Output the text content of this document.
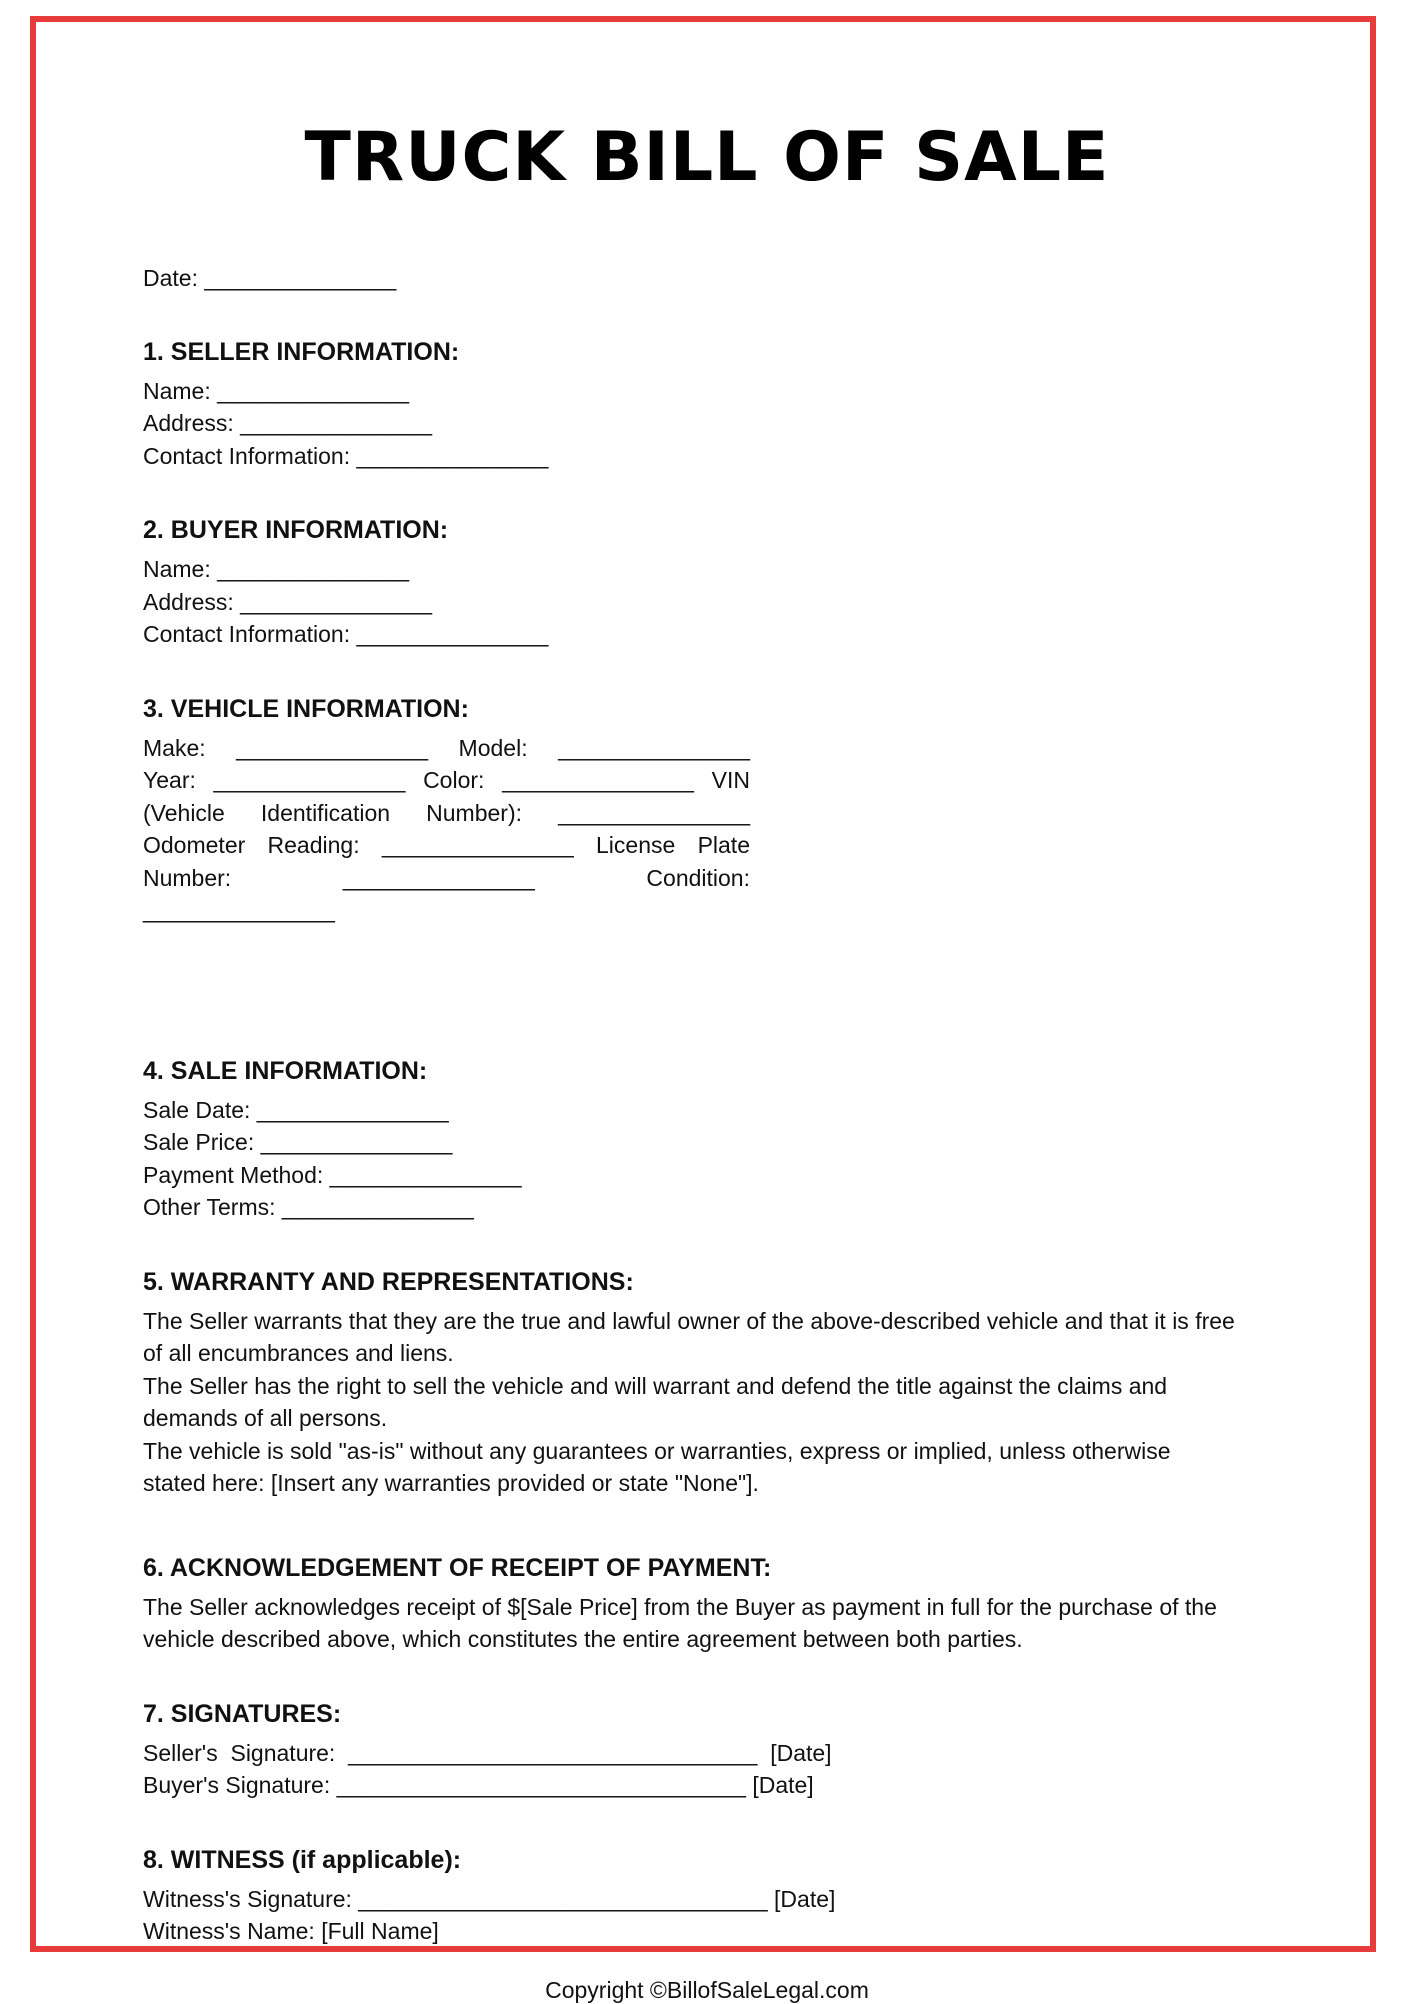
TRUCK BILL OF SALE
Date: _______________
1. SELLER INFORMATION:
Name: _______________
Address: _______________
Contact Information: _______________
2. BUYER INFORMATION:
Name: _______________
Address: _______________
Contact Information: _______________
3. VEHICLE INFORMATION:
Make: _______________ Model: _______________
Year: _______________ Color: _______________ VIN
(Vehicle Identification Number): _______________
Odometer Reading: _______________ License Plate
Number:	_______________	Condition:
_______________
4. SALE INFORMATION:
Sale Date: _______________
Sale Price: _______________
Payment Method: _______________
Other Terms: _______________
5. WARRANTY AND REPRESENTATIONS:
The Seller warrants that they are the true and lawful owner of the above-described vehicle and that it is free
of all encumbrances and liens.
The Seller has the right to sell the vehicle and will warrant and defend the title against the claims and
demands of all persons.
The vehicle is sold "as-is" without any guarantees or warranties, express or implied, unless otherwise
stated here: [Insert any warranties provided or state "None"].
6. ACKNOWLEDGEMENT OF RECEIPT OF PAYMENT:
The Seller acknowledges receipt of $[Sale Price] from the Buyer as payment in full for the purchase of the
vehicle described above, which constitutes the entire agreement between both parties.
7. SIGNATURES:
Seller's  Signature:  ________________________________  [Date]
Buyer's Signature: ________________________________ [Date]
8. WITNESS (if applicable):
Witness's Signature: ________________________________ [Date]
Witness's Name: [Full Name]
Copyright ©BillofSaleLegal.com
